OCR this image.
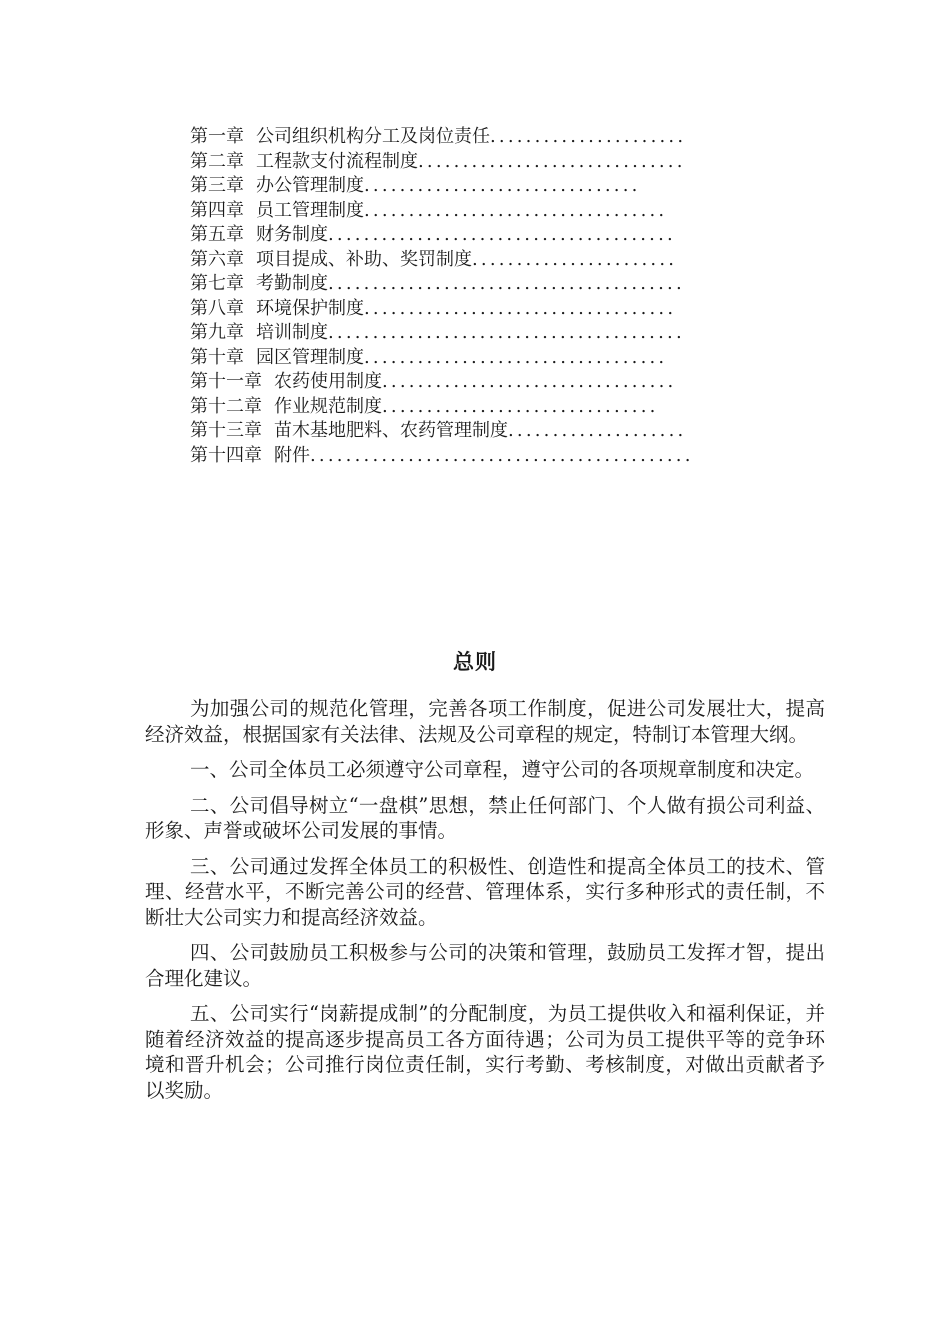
第一章 公司组织机构分工及岗位责任......................
第二章 工程款支付流程制度..............................
第三章 办公管理制度...............................
第四章 员工管理制度..................................
第五章 财务制度.......................................
第六章 项目提成、补助、奖罚制度.......................
第七章 考勤制度........................................
第八章 环境保护制度...................................
第九章 培训制度........................................
第十章 园区管理制度..................................
第十一章 农药使用制度.................................
第十二章 作业规范制度...............................
第十三章 苗木基地肥料、农药管理制度....................
第十四章 附件...........................................
总则

为加强公司的规范化管理，完善各项工作制度，促进公司发展壮大，提高经济效益，根据国家有关法律、法规及公司章程的规定，特制订本管理大纲。

一、公司全体员工必须遵守公司章程，遵守公司的各项规章制度和决定。

二、公司倡导树立“一盘棋”思想，禁止任何部门、个人做有损公司利益、形象、声誉或破坏公司发展的事情。

三、公司通过发挥全体员工的积极性、创造性和提高全体员工的技术、管理、经营水平，不断完善公司的经营、管理体系，实行多种形式的责任制，不断壮大公司实力和提高经济效益。

四、公司鼓励员工积极参与公司的决策和管理，鼓励员工发挥才智，提出合理化建议。

五、公司实行“岗薪提成制”的分配制度，为员工提供收入和福利保证，并随着经济效益的提高逐步提高员工各方面待遇；公司为员工提供平等的竞争环境和晋升机会；公司推行岗位责任制，实行考勤、考核制度，对做出贡献者予以奖励。
